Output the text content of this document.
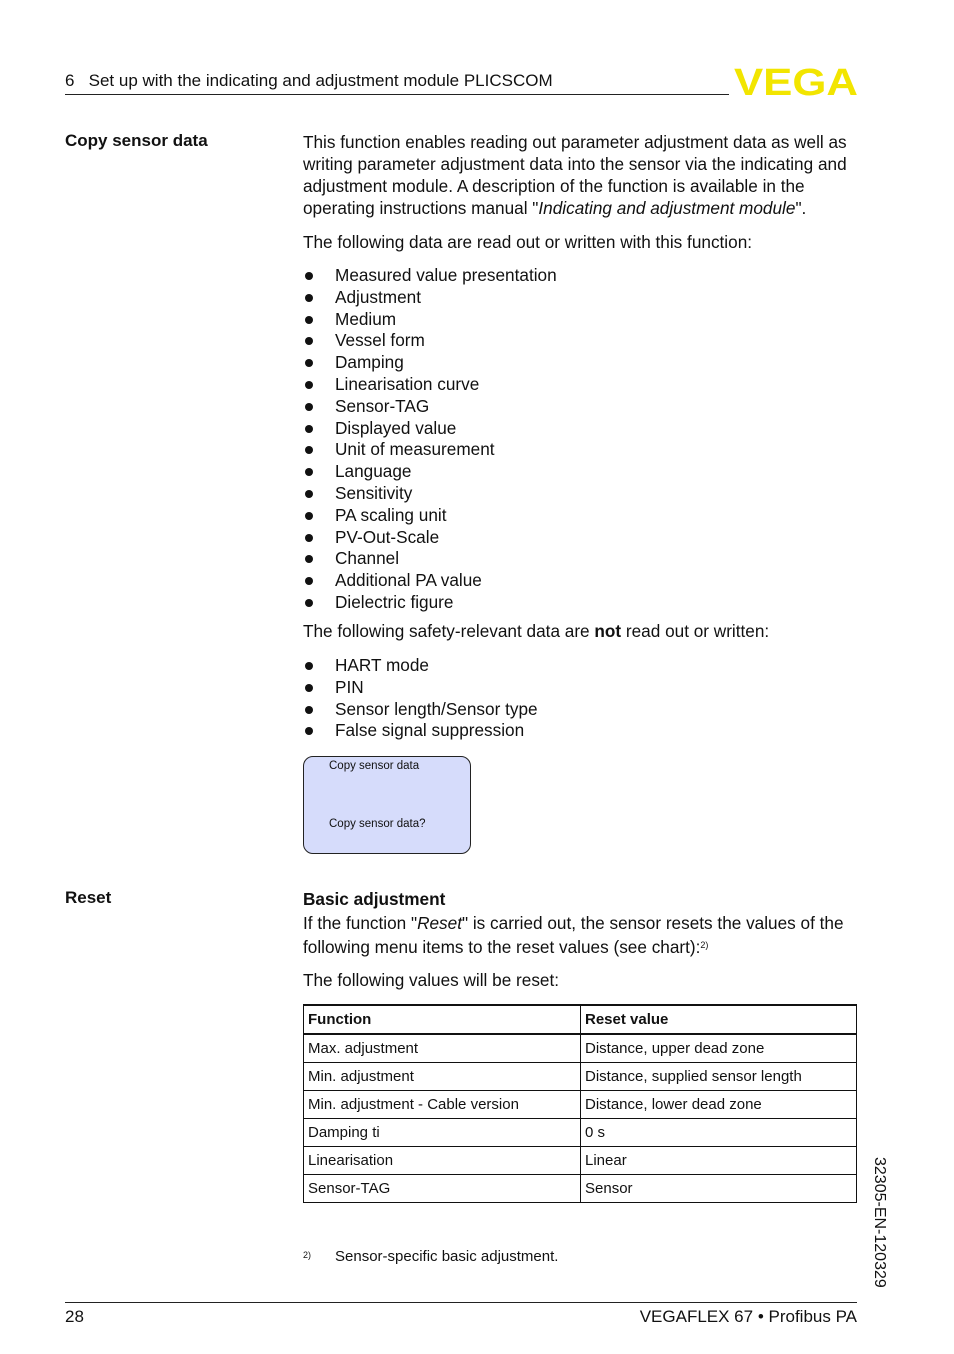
6 Set up with the indicating and adjustment module PLICSCOM	VEGA
Copy sensor data	This function enables reading out parameter adjustment data as well as writing parameter adjustment data into the sensor via the indicating and adjustment module. A description of the function is available in the operating instructions manual "Indicating and adjustment module".
The following data are read out or written with this function:
Measured value presentation
Adjustment
Medium
Vessel form
Damping
Linearisation curve
Sensor-TAG
Displayed value
Unit of measurement
Language
Sensitivity
PA scaling unit
PV-Out-Scale
Channel
Additional PA value
Dielectric figure
The following safety-relevant data are not read out or written:
HART mode
PIN
Sensor length/Sensor type
False signal suppression
Copy sensor data
Copy sensor data?
Reset	Basic adjustment
If the function "Reset" is carried out, the sensor resets the values of the following menu items to the reset values (see chart):$^{2)}$
The following values will be reset:
Function	Reset value
Max. adjustment	Distance, upper dead zone
Min. adjustment	Distance, supplied sensor length
Min. adjustment - Cable version	Distance, lower dead zone
Damping ti	0 s
Linearisation	Linear
Sensor-TAG	Sensor
2) Sensor-specific basic adjustment.
28	VEGAFLEX 67 • Profibus PA
32305-EN-120329
